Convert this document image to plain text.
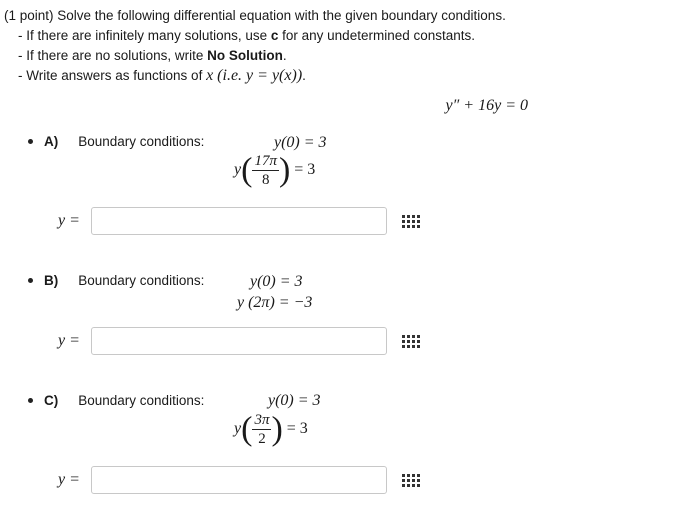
(1 point) Solve the following differential equation with the given boundary conditions.
- If there are infinitely many solutions, use c for any undetermined constants.
- If there are no solutions, write No Solution.
- Write answers as functions of x (i.e. y = y(x)).
y″ + 16y = 0
A) Boundary conditions:	y(0) = 3
$y( \frac{17\pi}{8}$ ) = 3
y =
B) Boundary conditions:	y(0) = 3
y (2π) = −3
y =
C) Boundary conditions:	y(0) = 3
$y( \frac{3\pi}{2}$ ) = 3
y =
